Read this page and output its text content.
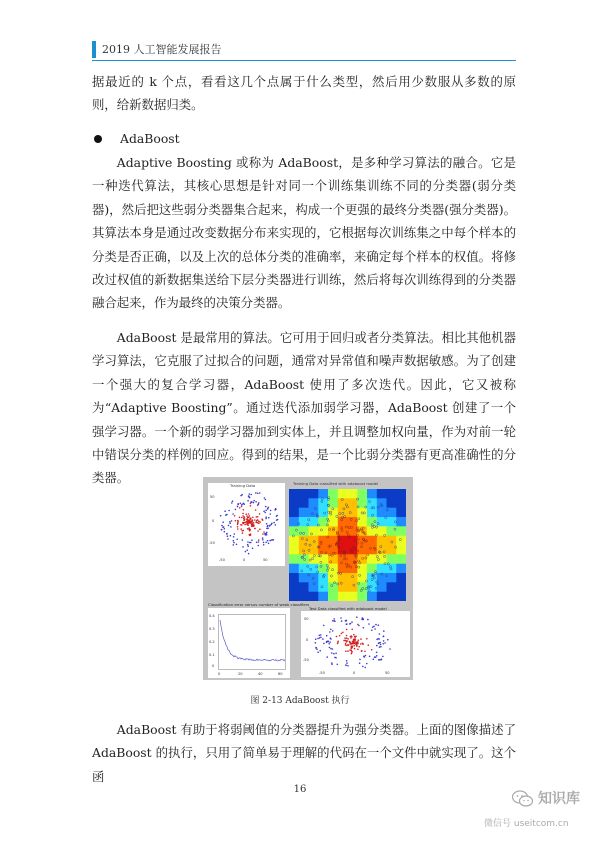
2019 人工智能发展报告

据最近的 k 个点，看看这几个点属于什么类型，然后用少数服从多数的原则，给新数据归类。

AdaBoost

Adaptive Boosting 或称为 AdaBoost，是多种学习算法的融合。它是一种迭代算法，其核心思想是针对同一个训练集训练不同的分类器(弱分类器)，然后把这些弱分类器集合起来，构成一个更强的最终分类器(强分类器)。其算法本身是通过改变数据分布来实现的，它根据每次训练集之中每个样本的分类是否正确，以及上次的总体分类的准确率，来确定每个样本的权值。将修改过权值的新数据集送给下层分类器进行训练，然后将每次训练得到的分类器融合起来，作为最终的决策分类器。

AdaBoost 是最常用的算法。它可用于回归或者分类算法。相比其他机器学习算法，它克服了过拟合的问题，通常对异常值和噪声数据敏感。为了创建一个强大的复合学习器，AdaBoost 使用了多次迭代。因此，它又被称为“Adaptive Boosting”。通过迭代添加弱学习器，AdaBoost 创建了一个强学习器。一个新的弱学习器加到实体上，并且调整加权向量，作为对前一轮中错误分类的样例的回应。得到的结果，是一个比弱分类器有更高准确性的分类器。

Training Data
50
0
-50
-50	0	50
Training Data classified with adaboost model
Classification error versus number of weak classifiers
0.4
0.3
0.2
0.1
0
0	20	40	60
Test Data classified with adaboost model
50
0
-50
-50	0	50
图 2-13 AdaBoost 执行

AdaBoost 有助于将弱阈值的分类器提升为强分类器。上面的图像描述了 AdaBoost 的执行，只用了简单易于理解的代码在一个文件中就实现了。这个函

16
知识库
微信号 useitcom.cn
